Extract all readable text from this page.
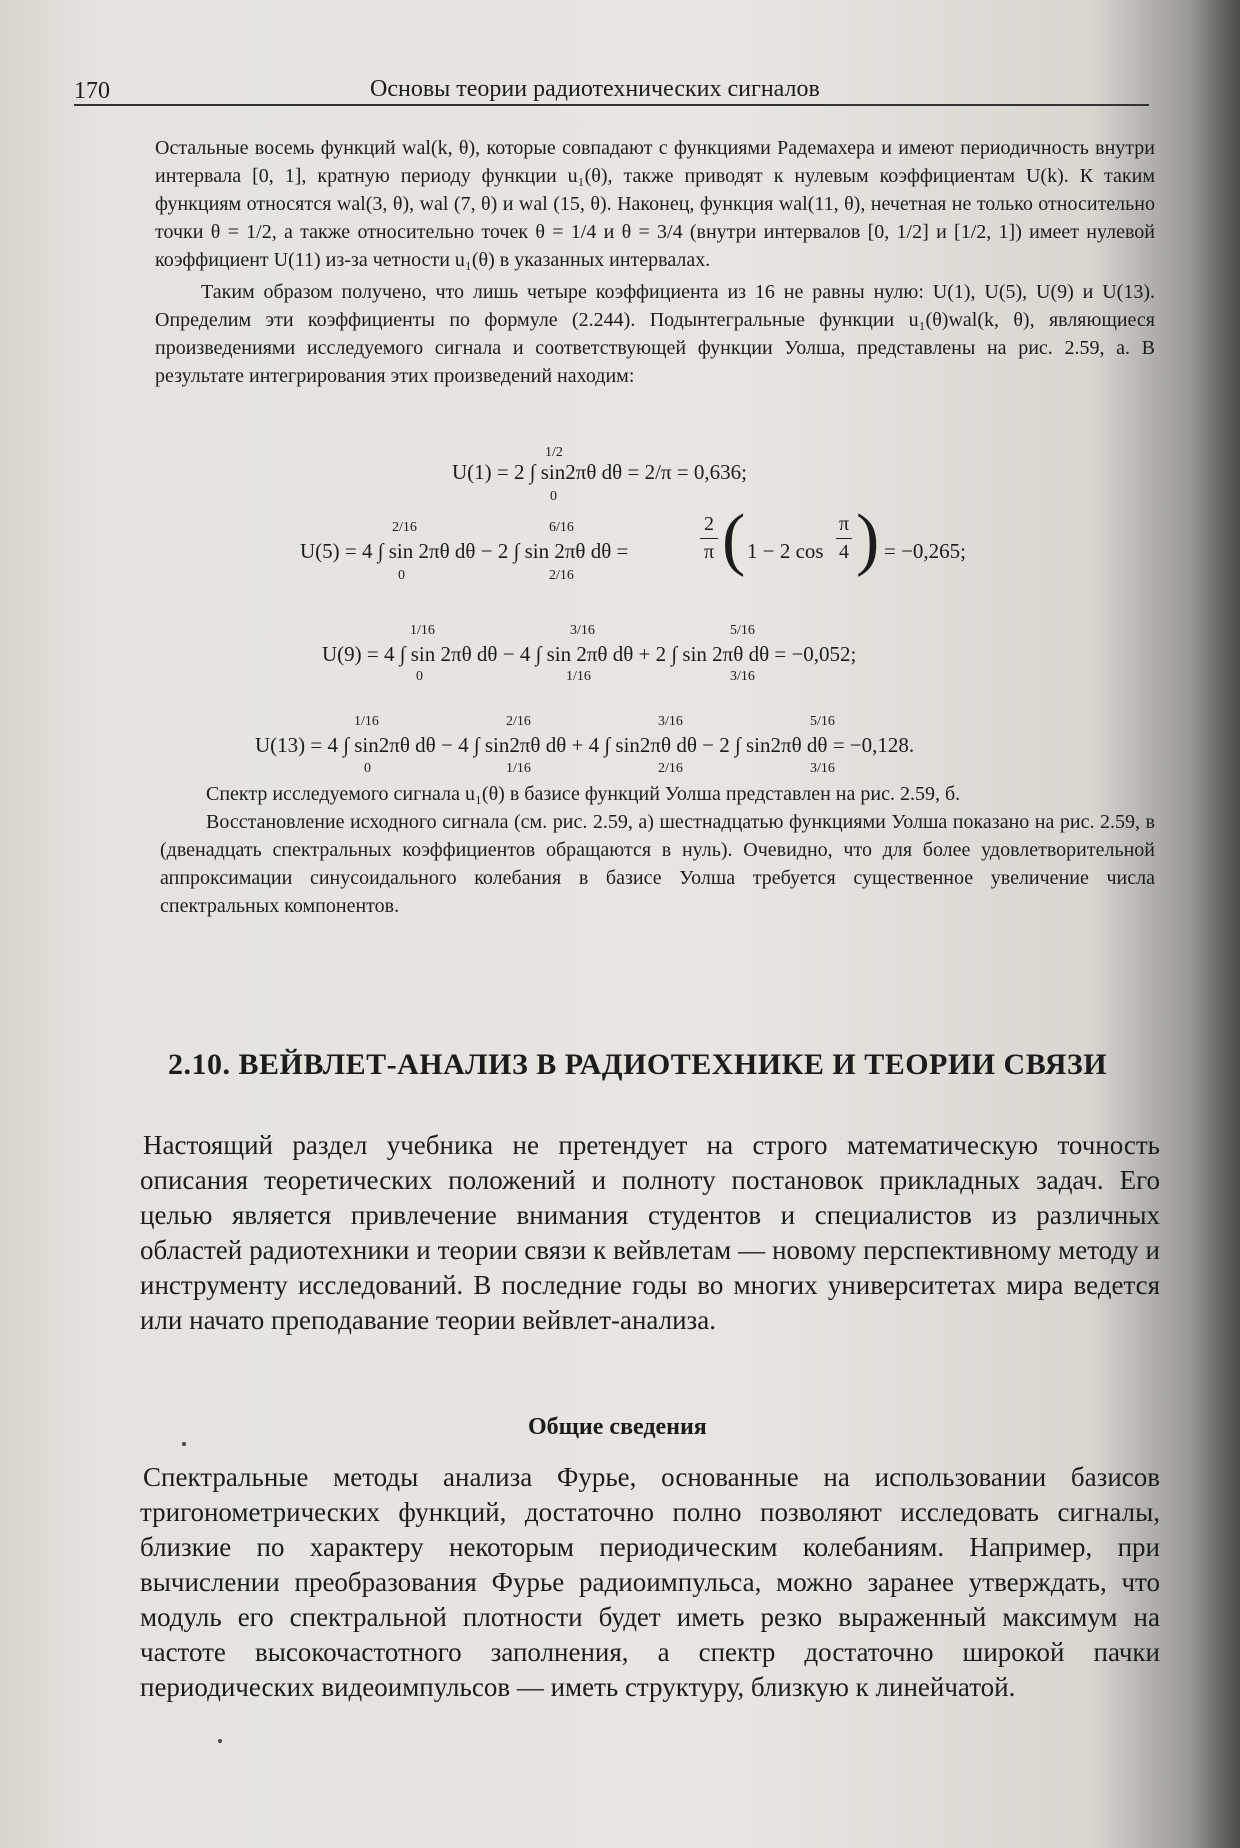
170	Основы теории радиотехнических сигналов

Остальные восемь функций wal(k, θ), которые совпадают с функциями Радемахера и имеют периодичность внутри интервала [0, 1], кратную периоду функции u₁(θ), также приводят к нулевым коэффициентам U(k). К таким функциям относятся wal(3, θ), wal (7, θ) и wal (15, θ). Наконец, функция wal(11, θ), нечетная не только относительно точки θ = 1/2, а также относительно точек θ = 1/4 и θ = 3/4 (внутри интервалов [0, 1/2] и [1/2, 1]) имеет нулевой коэффициент U(11) из-за четности u₁(θ) в указанных интервалах.

Таким образом получено, что лишь четыре коэффициента из 16 не равны нулю: U(1), U(5), U(9) и U(13). Определим эти коэффициенты по формуле (2.244). Подынтегральные функции u₁(θ)wal(k, θ), являющиеся произведениями исследуемого сигнала и соответствующей функции Уолша, представлены на рис. 2.59, a. В результате интегрирования этих произведений находим:

1/2
U(1) = 2 ∫ sin2πθ dθ = 2/π = 0,636;
0
2/16	6/16
U(5) = 4 ∫ sin 2πθ dθ − 2 ∫ sin 2πθ dθ =
0	2/16
2
π ( 1 − 2 cos
π
4 ) = −0,265;
1/16	3/16	5/16
U(9) = 4 ∫ sin 2πθ dθ − 4 ∫ sin 2πθ dθ + 2 ∫ sin 2πθ dθ = −0,052;
0	1/16	3/16
1/16	2/16	3/16	5/16
U(13) = 4 ∫ sin2πθ dθ − 4 ∫ sin2πθ dθ + 4 ∫ sin2πθ dθ − 2 ∫ sin2πθ dθ = −0,128.
0	1/16	2/16	3/16

Спектр исследуемого сигнала u₁(θ) в базисе функций Уолша представлен на рис. 2.59, б.

Восстановление исходного сигнала (см. рис. 2.59, а) шестнадцатью функциями Уолша показано на рис. 2.59, в (двенадцать спектральных коэффициентов обращаются в нуль). Очевидно, что для более удовлетворительной аппроксимации синусоидального колебания в базисе Уолша требуется существенное увеличение числа спектральных компонентов.

2.10. ВЕЙВЛЕТ-АНАЛИЗ В РАДИОТЕХНИКЕ И ТЕОРИИ СВЯЗИ

Настоящий раздел учебника не претендует на строго математическую точность описания теоретических положений и полноту постановок прикладных задач. Его целью является привлечение внимания студентов и специалистов из различных областей радиотехники и теории связи к вейвлетам — новому перспективному методу и инструменту исследований. В последние годы во многих университетах мира ведется или начато преподавание теории вейвлет-анализа.

Общие сведения

Спектральные методы анализа Фурье, основанные на использовании базисов тригонометрических функций, достаточно полно позволяют исследовать сигналы, близкие по характеру некоторым периодическим колебаниям. Например, при вычислении преобразования Фурье радиоимпульса, можно заранее утверждать, что модуль его спектральной плотности будет иметь резко выраженный максимум на частоте высокочастотного заполнения, а спектр достаточно широкой пачки периодических видеоимпульсов — иметь структуру, близкую к линейчатой.
